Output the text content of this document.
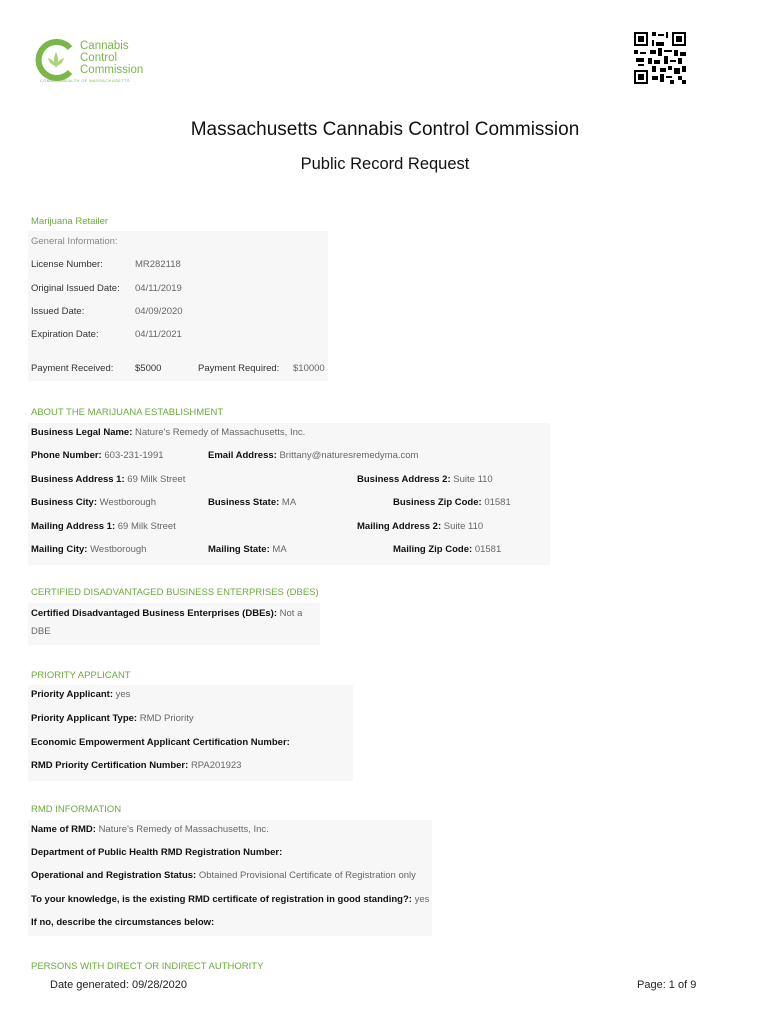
Cannabis
Control
Commission
COMMONWEALTH OF MASSACHUSETTS
Massachusetts Cannabis Control Commission
Public Record Request
Marijuana Retailer
General Information:
License Number:	MR282118
Original Issued Date: 04/11/2019
Issued Date:	04/09/2020
Expiration Date:	04/11/2021
Payment Received: $5000	Payment Required: $10000
ABOUT THE MARIJUANA ESTABLISHMENT
Business Legal Name: Nature's Remedy of Massachusetts, Inc.
Phone Number: 603-231-1991	Email Address: Brittany@naturesremedyma.com
Business Address 1: 69 Milk Street	Business Address 2: Suite 110
Business City: Westborough	Business State: MA	Business Zip Code: 01581
Mailing Address 1: 69 Milk Street	Mailing Address 2: Suite 110
Mailing City: Westborough	Mailing State: MA	Mailing Zip Code: 01581
CERTIFIED DISADVANTAGED BUSINESS ENTERPRISES (DBES)
Certified Disadvantaged Business Enterprises (DBEs): Not a
DBE
PRIORITY APPLICANT
Priority Applicant: yes
Priority Applicant Type: RMD Priority
Economic Empowerment Applicant Certification Number:
RMD Priority Certification Number: RPA201923
RMD INFORMATION
Name of RMD: Nature's Remedy of Massachusetts, Inc.
Department of Public Health RMD Registration Number:
Operational and Registration Status: Obtained Provisional Certificate of Registration only
To your knowledge, is the existing RMD certificate of registration in good standing?: yes
If no, describe the circumstances below:
PERSONS WITH DIRECT OR INDIRECT AUTHORITY
Date generated: 09/28/2020	Page: 1 of 9
